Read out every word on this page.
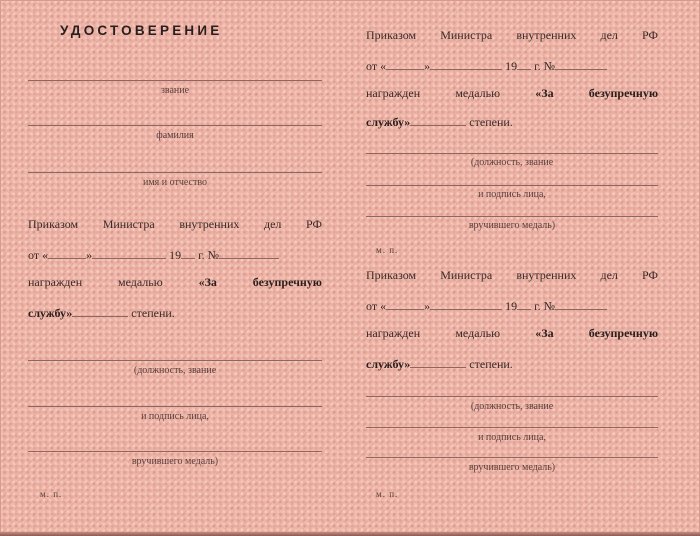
УДОСТОВЕРЕНИЕ
звание
фамилия
имя и отчество
Приказом Министра внутренних дел РФ
от «	»	19 г. №
награжден	медалью	«За	безупречную
службу»	степени.
(должность, звание
и подпись лица,
вручившего медаль)
м. п.
Приказом Министра внутренних дел РФ
от «	»	19 г. №
награжден	медалью	«За	безупречную
службу»	степени.
(должность, звание
и подпись лица,
вручившего медаль)
м. п.
Приказом Министра внутренних дел РФ
от «	»	19 г. №
награжден	медалью	«За	безупречную
службу»	степени.
(должность, звание
и подпись лица,
вручившего медаль)
м. п.
